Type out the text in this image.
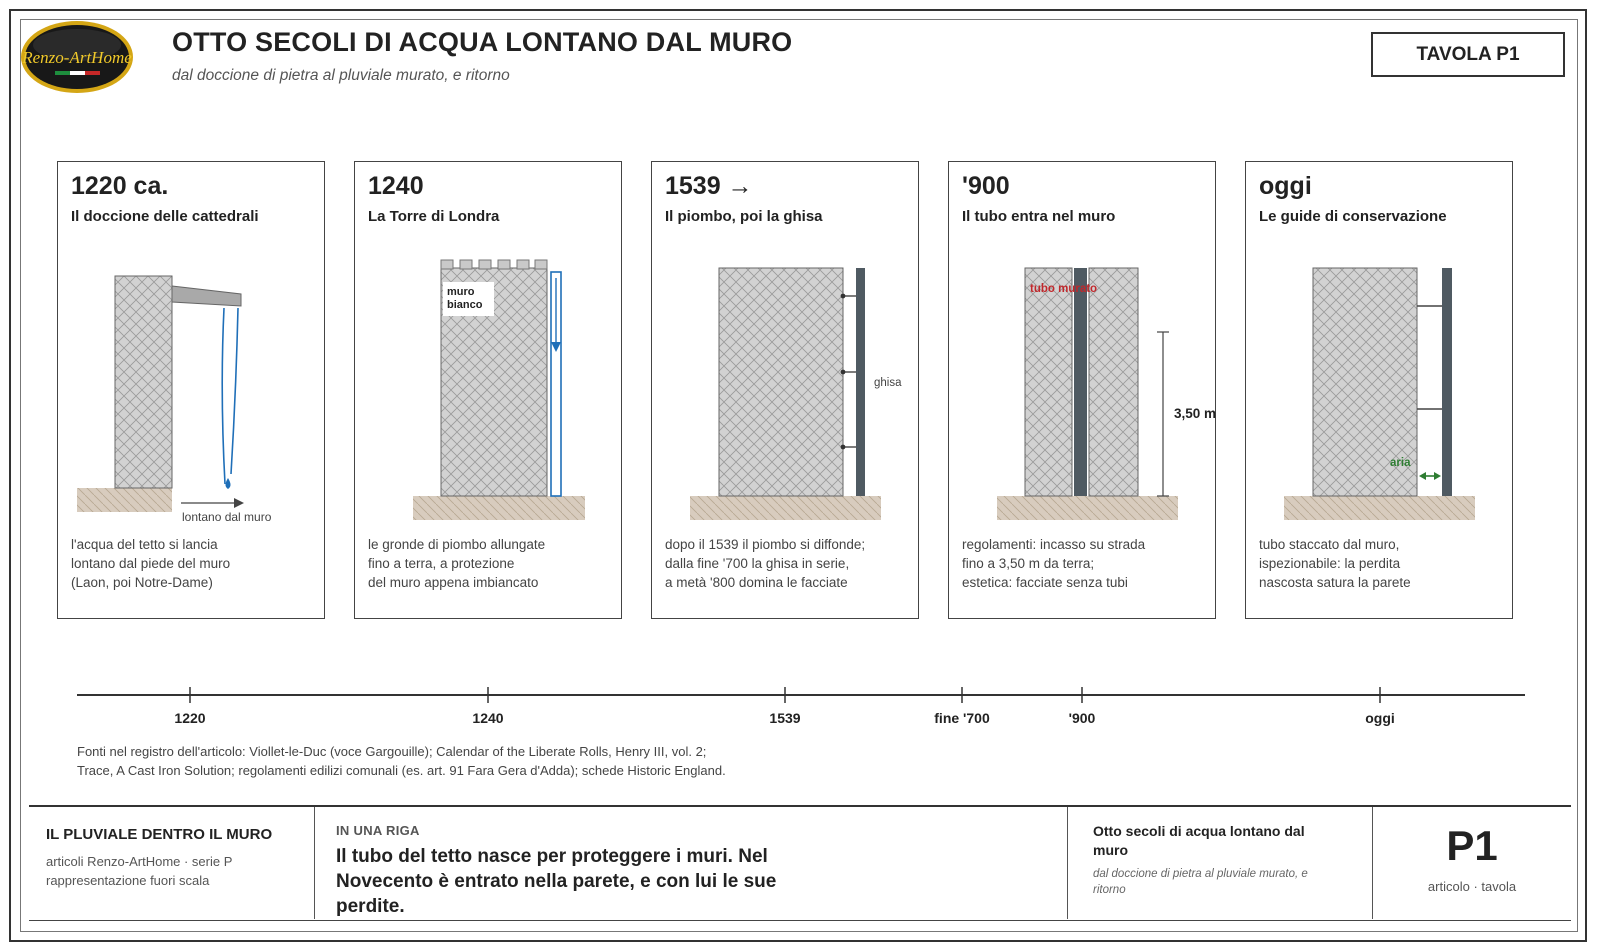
Renzo-ArtHome
OTTO SECOLI DI ACQUA LONTANO DAL MURO
dal doccione di pietra al pluviale murato, e ritorno
TAVOLA P1
lontano dal muro
1220 ca.
Il doccione delle cattedrali
l'acqua del tetto si lancia
lontano dal piede del muro
(Laon, poi Notre-Dame)
muro
bianco
1240
La Torre di Londra
le gronde di piombo allungate
fino a terra, a protezione
del muro appena imbiancato
ghisa
1539 →
Il piombo, poi la ghisa
dopo il 1539 il piombo si diffonde;
dalla fine '700 la ghisa in serie,
a metà '800 domina le facciate
tubo murato
3,50 m
'900
Il tubo entra nel muro
regolamenti: incasso su strada
fino a 3,50 m da terra;
estetica: facciate senza tubi
aria
oggi
Le guide di conservazione
tubo staccato dal muro,
ispezionabile: la perdita
nascosta satura la parete
1220	1240	1539	fine '700	'900	oggi
Fonti nel registro dell'articolo: Viollet-le-Duc (voce Gargouille); Calendar of the Liberate Rolls, Henry III, vol. 2;
Trace, A Cast Iron Solution; regolamenti edilizi comunali (es. art. 91 Fara Gera d'Adda); schede Historic England.
IL PLUVIALE DENTRO IL MURO
articoli Renzo-ArtHome · serie P
rappresentazione fuori scala
IN UNA RIGA
Il tubo del tetto nasce per proteggere i muri. Nel Novecento è entrato nella parete, e con lui le sue perdite.
Otto secoli di acqua lontano dal muro
dal doccione di pietra al pluviale murato, e ritorno
P1
articolo · tavola
